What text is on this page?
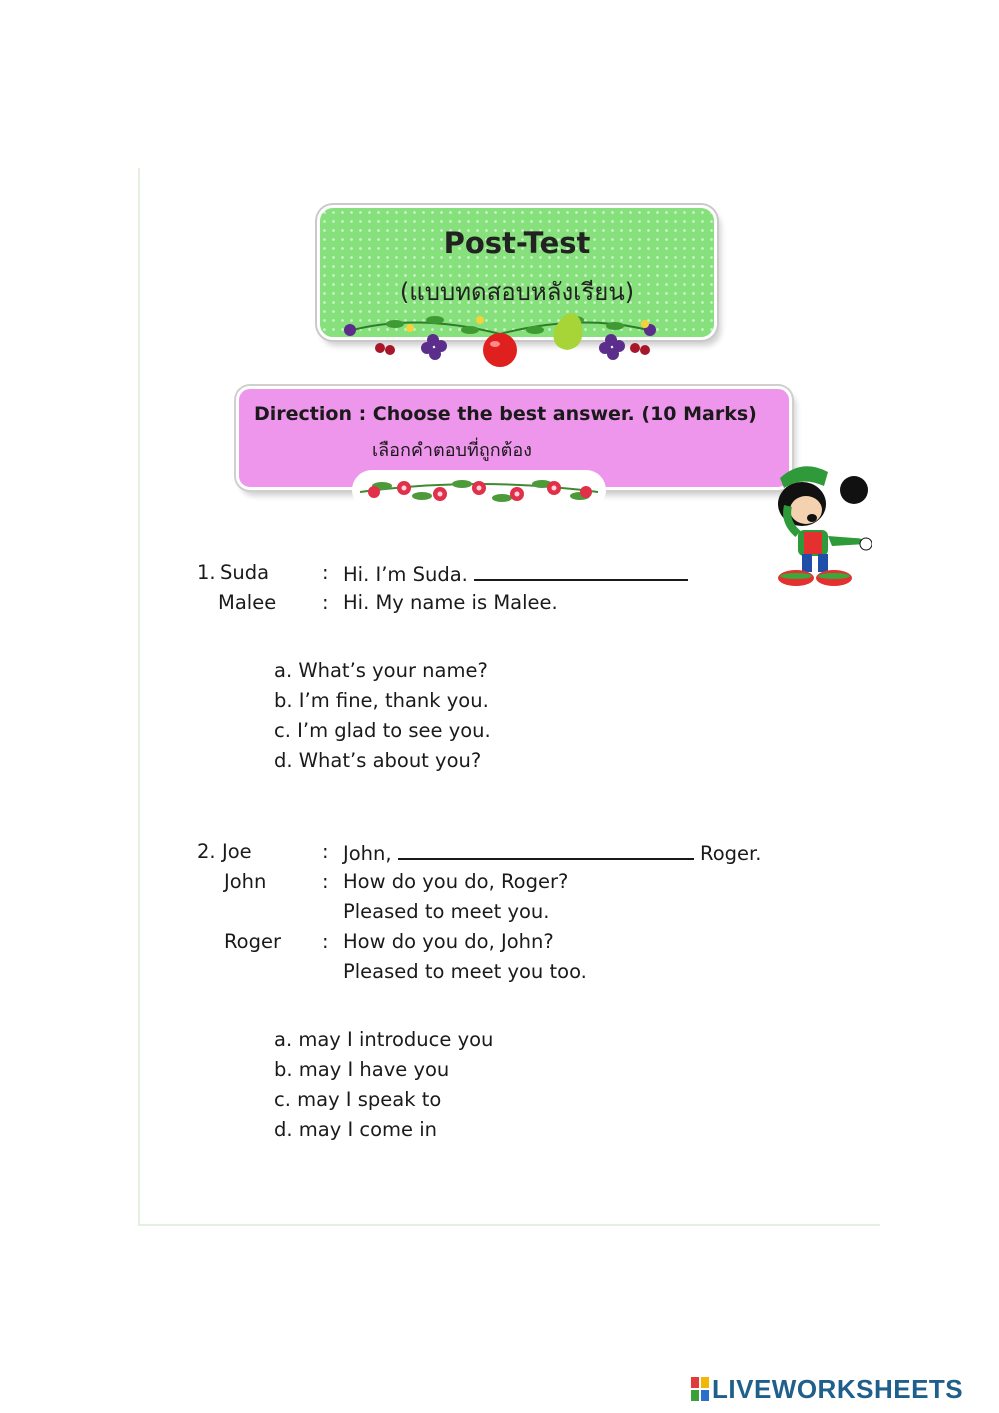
Post-Test
(แบบทดสอบหลังเรียน)
Direction : Choose the best answer. (10 Marks)
เลือกคำตอบที่ถูกต้อง
1. Suda	: Hi. I’m Suda.
Malee : Hi. My name is Malee.
a. What’s your name?
b. I’m fine, thank you.
c. I’m glad to see you.
d. What’s about you?
2. Joe	: John,	Roger.
John	: How do you do, Roger?
Pleased to meet you.
Roger : How do you do, John?
Pleased to meet you too.
a. may I introduce you
b. may I have you
c. may I speak to
d. may I come in
LIVEWORKSHEETS
